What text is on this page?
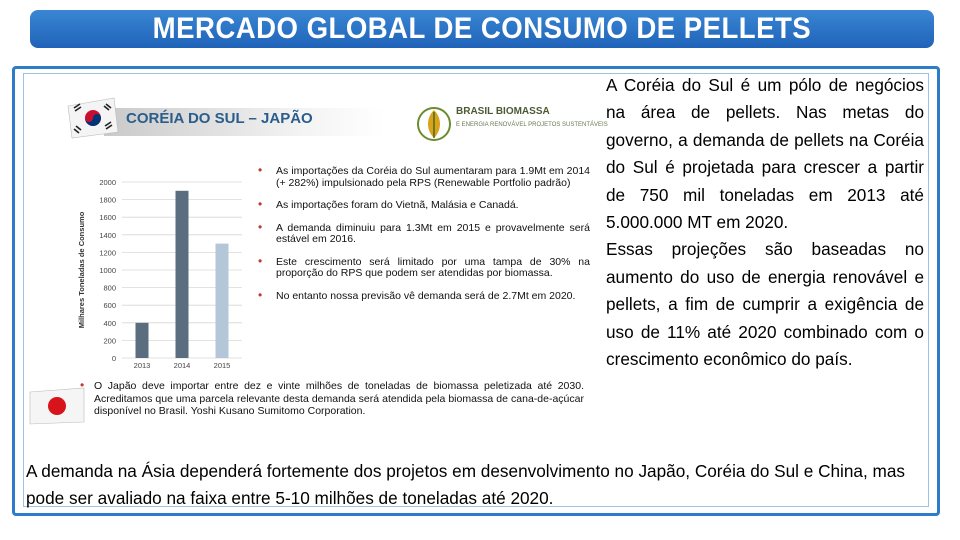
MERCADO GLOBAL DE CONSUMO DE PELLETS
CORÉIA DO SUL – JAPÃO	BRASIL BIOMASSA
E ENERGIA RENOVÁVEL PROJETOS SUSTENTÁVEIS
0
200
400
600
800
1000
1200
1400
1600
1800
2000
2013	2014	2015
Milhares Toneladas de Consumo
• As importações da Coréia do Sul aumentaram para 1.9Mt em 2014 (+ 282%) impulsionado pela RPS (Renewable Portfolio padrão)
• As importações foram do Vietnã, Malásia e Canadá.
• A demanda diminuiu para 1.3Mt em 2015 e provavelmente será estável em 2016.
• Este crescimento será limitado por uma tampa de 30% na proporção do RPS que podem ser atendidas por biomassa.
• No entanto nossa previsão vê demanda será de 2.7Mt em 2020.
• O Japão deve importar entre dez e vinte milhões de toneladas de biomassa peletizada até 2030. Acreditamos que uma parcela relevante desta demanda será atendida pela biomassa de cana-de-açúcar disponível no Brasil. Yoshi Kusano Sumitomo Corporation.

A Coréia do Sul é um pólo de negócios na área de pellets. Nas metas do governo, a demanda de pellets na Coréia do Sul é projetada para crescer a partir de 750 mil toneladas em 2013 até 5.000.000 MT em 2020.

Essas projeções são baseadas no aumento do uso de energia renovável e pellets, a fim de cumprir a exigência de uso de 11% até 2020 combinado com o crescimento econômico do país.

A demanda na Ásia dependerá fortemente dos projetos em desenvolvimento no Japão, Coréia do Sul e China, mas pode ser avaliado na faixa entre 5-10 milhões de toneladas até 2020.
